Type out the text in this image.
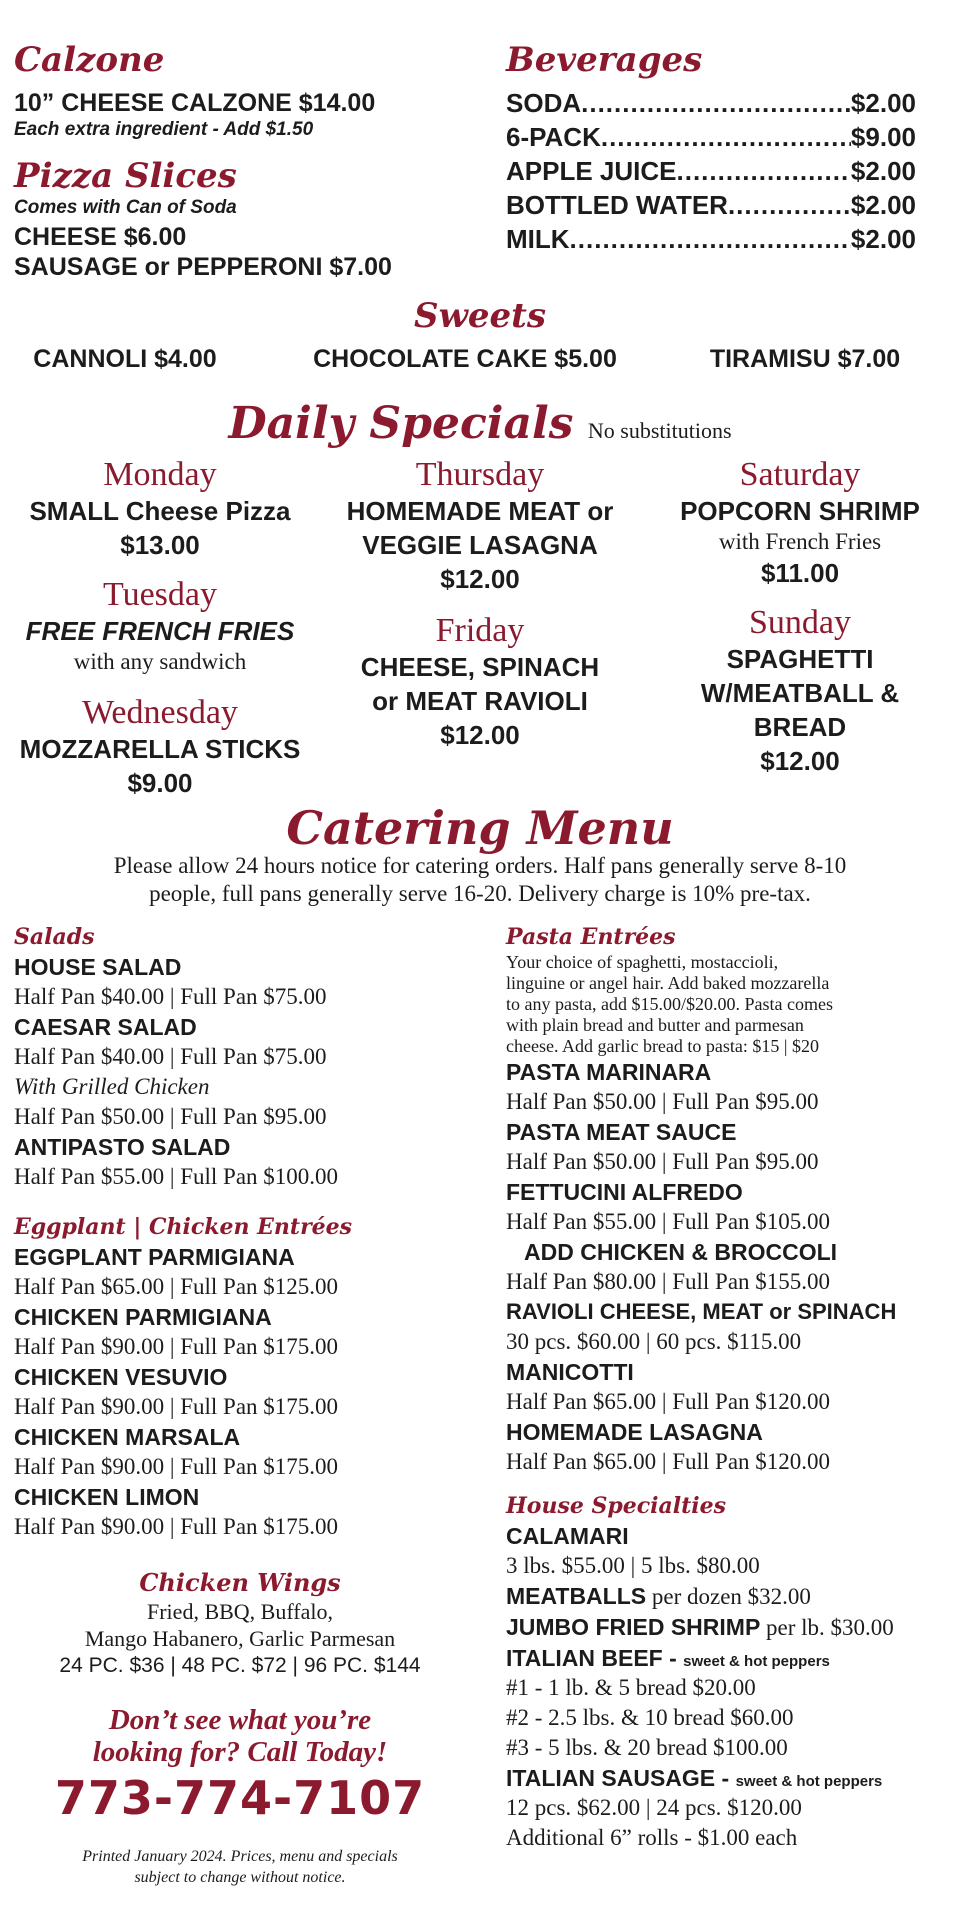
Calzone
10” CHEESE CALZONE $14.00
Each extra ingredient - Add $1.50
Pizza Slices
Comes with Can of Soda
CHEESE $6.00
SAUSAGE or PEPPERONI $7.00
Beverages
SODA .....	$2.00
6-PACK .....	$9.00
APPLE JUICE .....	$2.00
BOTTLED WATER .....	$2.00
MILK .....	$2.00
Sweets
CANNOLI $4.00	CHOCOLATE CAKE $5.00	TIRAMISU $7.00
Daily Specials No substitutions
Monday
SMALL Cheese Pizza
$13.00
Tuesday
FREE FRENCH FRIES
with any sandwich
Wednesday
MOZZARELLA STICKS
$9.00
Thursday
HOMEMADE MEAT or
VEGGIE LASAGNA
$12.00
Friday
CHEESE, SPINACH
or MEAT RAVIOLI
$12.00
Saturday
POPCORN SHRIMP
with French Fries
$11.00
Sunday
SPAGHETTI
W/MEATBALL &
BREAD
$12.00
Catering Menu
Please allow 24 hours notice for catering orders. Half pans generally serve 8-10
people, full pans generally serve 16-20. Delivery charge is 10% pre-tax.
Salads
HOUSE SALAD
Half Pan $40.00 | Full Pan $75.00
CAESAR SALAD
Half Pan $40.00 | Full Pan $75.00
With Grilled Chicken
Half Pan $50.00 | Full Pan $95.00
ANTIPASTO SALAD
Half Pan $55.00 | Full Pan $100.00
Eggplant | Chicken Entrées
EGGPLANT PARMIGIANA
Half Pan $65.00 | Full Pan $125.00
CHICKEN PARMIGIANA
Half Pan $90.00 | Full Pan $175.00
CHICKEN VESUVIO
Half Pan $90.00 | Full Pan $175.00
CHICKEN MARSALA
Half Pan $90.00 | Full Pan $175.00
CHICKEN LIMON
Half Pan $90.00 | Full Pan $175.00
Chicken Wings
Fried, BBQ, Buffalo,
Mango Habanero, Garlic Parmesan
24 PC. $36 | 48 PC. $72 | 96 PC. $144
Don’t see what you’re
looking for? Call Today!
773-774-7107
Printed January 2024. Prices, menu and specials
subject to change without notice.
Pasta Entrées
Your choice of spaghetti, mostaccioli,
linguine or angel hair. Add baked mozzarella
to any pasta, add $15.00/$20.00. Pasta comes
with plain bread and butter and parmesan
cheese. Add garlic bread to pasta: $15 | $20
PASTA MARINARA
Half Pan $50.00 | Full Pan $95.00
PASTA MEAT SAUCE
Half Pan $50.00 | Full Pan $95.00
FETTUCINI ALFREDO
Half Pan $55.00 | Full Pan $105.00
ADD CHICKEN & BROCCOLI
Half Pan $80.00 | Full Pan $155.00
RAVIOLI CHEESE, MEAT or SPINACH
30 pcs. $60.00 | 60 pcs. $115.00
MANICOTTI
Half Pan $65.00 | Full Pan $120.00
HOMEMADE LASAGNA
Half Pan $65.00 | Full Pan $120.00
House Specialties
CALAMARI
3 lbs. $55.00 | 5 lbs. $80.00
MEATBALLS per dozen $32.00
JUMBO FRIED SHRIMP per lb. $30.00
ITALIAN BEEF - sweet & hot peppers
#1 - 1 lb. & 5 bread $20.00
#2 - 2.5 lbs. & 10 bread $60.00
#3 - 5 lbs. & 20 bread $100.00
ITALIAN SAUSAGE - sweet & hot peppers
12 pcs. $62.00 | 24 pcs. $120.00
Additional 6” rolls - $1.00 each
